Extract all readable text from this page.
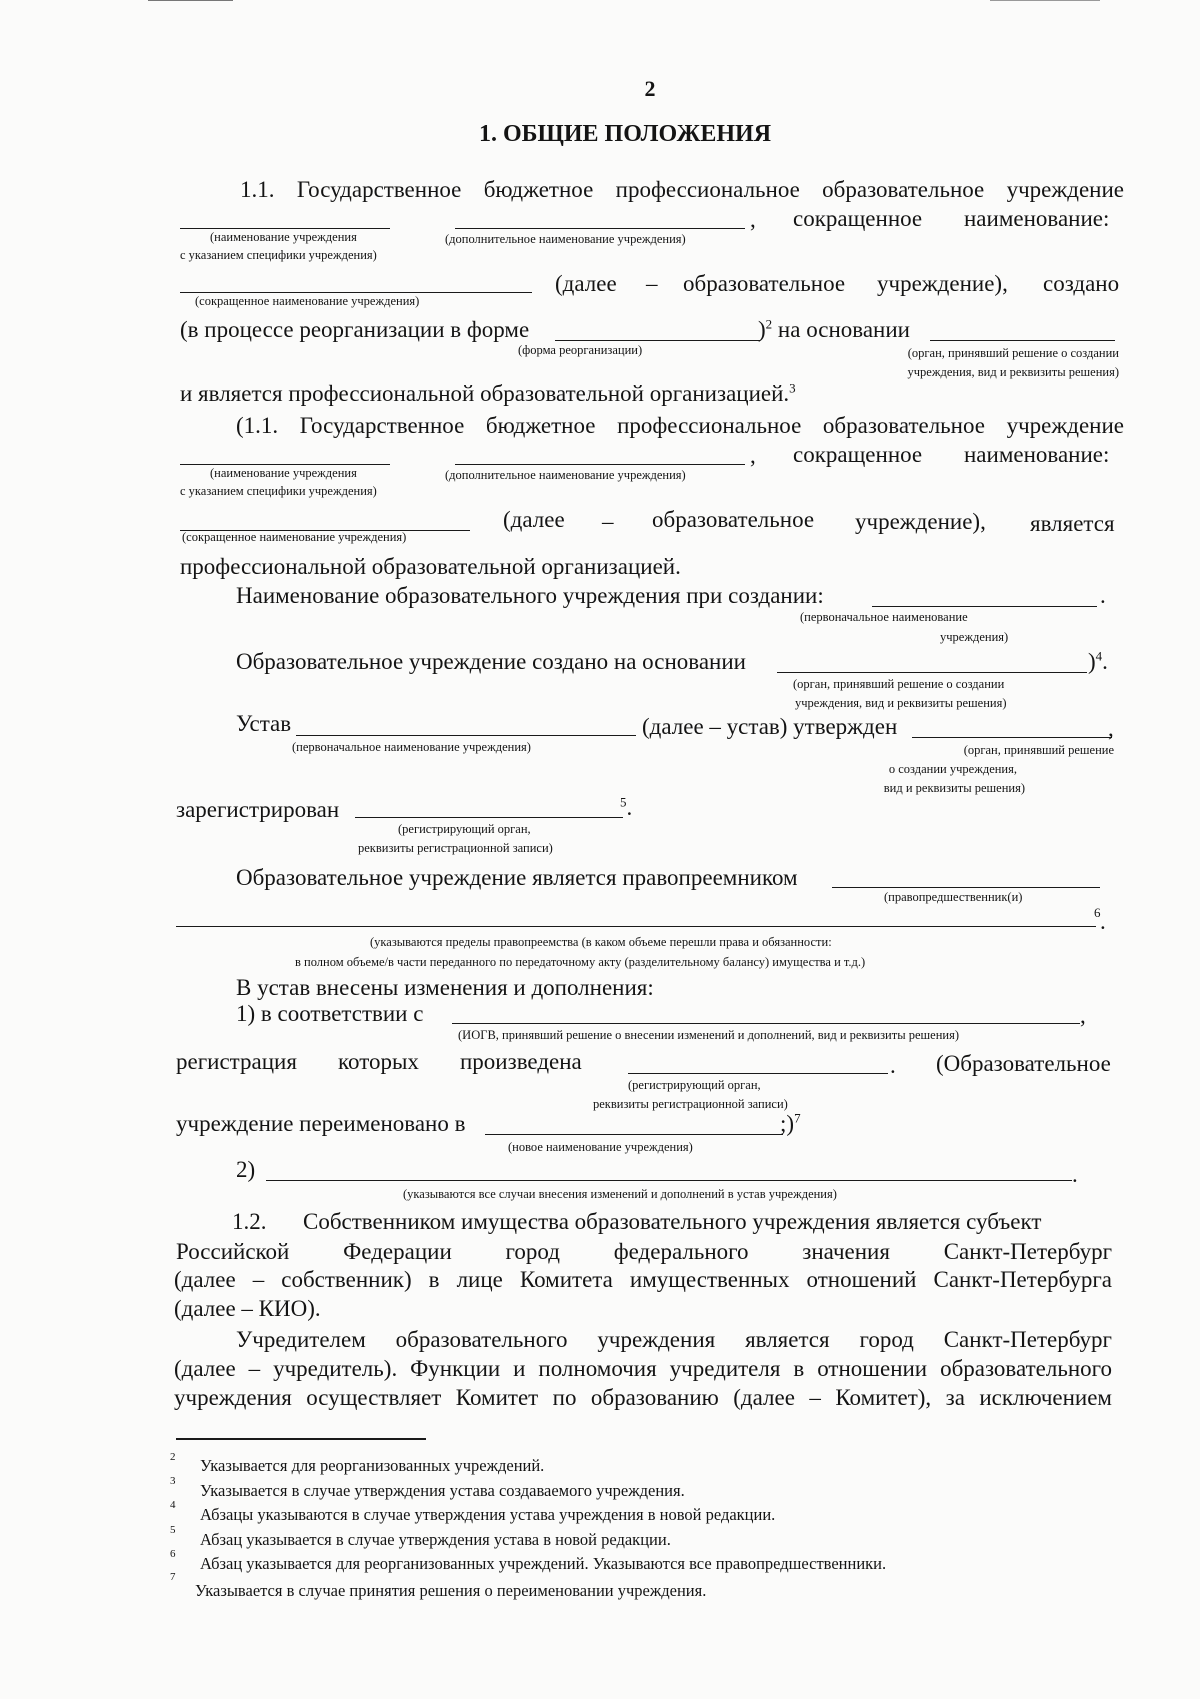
2
1. ОБЩИЕ ПОЛОЖЕНИЯ
1.1. Государственное бюджетное профессиональное образовательное учреждение
, сокращенное наименование:
(наименование учреждения
с указанием специфики учреждения)
(дополнительное наименование учреждения)
(далее – образовательное учреждение), создано
(сокращенное наименование учреждения)
(в процессе реорганизации в форме	)$^2$ на основании
(форма реорганизации)	(орган, принявший решение о создании
учреждения, вид и реквизиты решения)
и является профессиональной образовательной организацией.$^3$
(1.1. Государственное бюджетное профессиональное образовательное учреждение
, сокращенное наименование:
(наименование учреждения
с указанием специфики учреждения)
(дополнительное наименование учреждения)
(далее – образовательное учреждение), является
(сокращенное наименование учреждения)
профессиональной образовательной организацией.
Наименование образовательного учреждения при создании:	.
(первоначальное наименование
учреждения)
Образовательное учреждение создано на основании	)$^4$.
(орган, принявший решение о создании
учреждения, вид и реквизиты решения)
Устав	(далее – устав) утвержден	,
(первоначальное наименование учреждения)	(орган, принявший решение
о создании учреждения,
вид и реквизиты решения)
зарегистрирован	$^5$.
(регистрирующий орган,
реквизиты регистрационной записи)
Образовательное учреждение является правопреемником
(правопредшественник(и)
6 .
(указываются пределы правопреемства (в каком объеме перешли права и обязанности:
в полном объеме/в части переданного по передаточному акту (разделительному балансу) имущества и т.д.)
В устав внесены изменения и дополнения:
1) в соответствии с	,
(ИОГВ, принявший решение о внесении изменений и дополнений, вид и реквизиты решения)
регистрация которых произведена	. (Образовательное
(регистрирующий орган,
реквизиты регистрационной записи)
учреждение переименовано в	;)$^7$
(новое наименование учреждения)
2)	.
(указываются все случаи внесения изменений и дополнений в устав учреждения)
1.2. Собственником имущества образовательного учреждения является субъект
Российской Федерации город федерального значения Санкт-Петербург
(далее – собственник) в лице Комитета имущественных отношений Санкт-Петербурга
(далее – КИО).
Учредителем образовательного учреждения является город Санкт-Петербург
(далее – учредитель). Функции и полномочия учредителя в отношении образовательного
учреждения осуществляет Комитет по образованию (далее – Комитет), за исключением
2 Указывается для реорганизованных учреждений.
3 Указывается в случае утверждения устава создаваемого учреждения.
4 Абзацы указываются в случае утверждения устава учреждения в новой редакции.
5 Абзац указывается в случае утверждения устава в новой редакции.
6 Абзац указывается для реорганизованных учреждений. Указываются все правопредшественники.
7
Указывается в случае принятия решения о переименовании учреждения.
